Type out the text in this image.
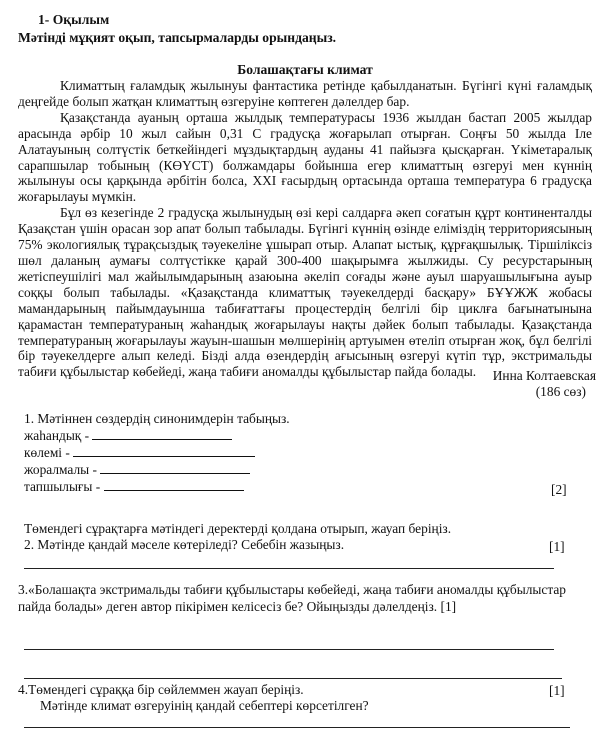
1- Оқылым
Мәтінді мұқият оқып, тапсырмаларды орындаңыз.
Болашақтағы климат

Климаттың ғаламдық жылынуы фантастика ретінде қабылданатын. Бүгінгі күні ғаламдық деңгейде болып жатқан климаттың өзгеруіне көптеген дәлелдер бар.

Қазақстанда ауаның орташа жылдық температурасы 1936 жылдан бастап 2005 жылдар арасында әрбір 10 жыл сайын 0,31 С градусқа жоғарылап отырған. Соңғы 50 жылда Іле Алатауының солтүстік беткейіндегі мұздықтардың ауданы 41 пайызға қысқарған. Үкіметаралық сарапшылар тобының (КӨҮСТ) болжамдары бойынша егер климаттың өзгеруі мен күннің жылынуы осы қарқында әрбітін болса, XXI ғасырдың ортасында орташа температура 6 градусқа жоғарылауы мүмкін.

Бұл өз кезегінде 2 градусқа жылынудың өзі кері салдарға әкеп соғатын құрт континенталды Қазақстан үшін орасан зор апат болып табылады. Бүгінгі күннің өзінде еліміздің территориясының 75% экологиялық тұрақсыздық тәуекеліне ұшырап отыр. Алапат ыстық, құрғақшылық. Тіршіліксіз шөл даланың аумағы солтүстікке қарай 300-400 шақырымға жылжиды. Су ресурстарының жетіспеушілігі мал жайылымдарының азаюына әкеліп соғады және ауыл шаруашылығына ауыр соққы болып табылады. «Қазақстанда климаттық тәуекелдерді басқару» БҰҰЖЖ жобасы мамандарының пайымдауынша табиғаттағы процестердің белгілі бір циклға бағынатынына қарамастан температураның жаһандық жоғарылауы нақты дәйек болып табылады. Қазақстанда температураның жоғарылауы жауын-шашын мөлшерінің артуымен өтеліп отырған жоқ, бұл белгілі бір тәуекелдерге алып келеді. Бізді алда өзендердің ағысының өзгеруі күтіп тұр, экстримальды табиғи құбылыстар көбейеді, жаңа табиғи аномалды құбылыстар пайда болады.	Инна Колтаевская
(186 сөз)
1. Мәтіннен сөздердің синонимдерін табыңыз.
жаһандық -
көлемі -
жоралмалы -
тапшылығы -	[2]
Төмендегі сұрақтарға мәтіндегі деректерді қолдана отырып, жауап беріңіз.
2. Мәтінде қандай мәселе көтеріледі? Себебін жазыңыз.	[1]
3.«Болашақта экстримальды табиғи құбылыстары көбейеді, жаңа табиғи аномалды құбылыстар
пайда болады» деген автор пікірімен келісесіз бе? Ойыңызды дәлелдеңіз. [1]
4.Төмендегі сұраққа бір сөйлеммен жауап беріңіз.	[1]
Мәтінде климат өзгеруінің қандай себептері көрсетілген?
